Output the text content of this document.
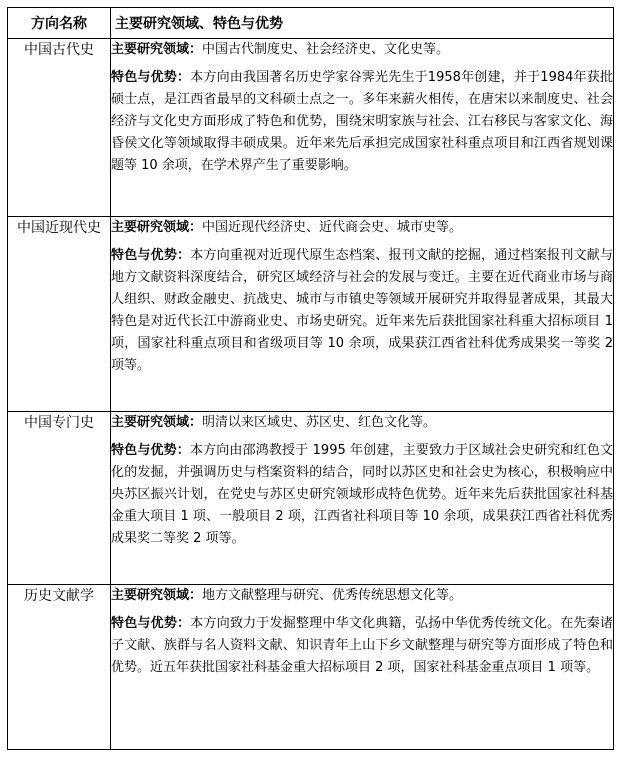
方向名称	主要研究领域、特色与优势
中国古代史	主要研究领域：中国古代制度史、社会经济史、文化史等。

特色与优势：本方向由我国著名历史学家谷霁光先生于1958年创建，并于1984年获批硕士点，是江西省最早的文科硕士点之一。多年来薪火相传，在唐宋以来制度史、社会经济与文化史方面形成了特色和优势，围绕宋明家族与社会、江右移民与客家文化、海昏侯文化等领域取得丰硕成果。近年来先后承担完成国家社科重点项目和江西省规划课题等 10 余项，在学术界产生了重要影响。

中国近现代史	主要研究领域：中国近现代经济史、近代商会史、城市史等。

特色与优势：本方向重视对近现代原生态档案、报刊文献的挖掘，通过档案报刊文献与地方文献资料深度结合，研究区域经济与社会的发展与变迁。主要在近代商业市场与商人组织、财政金融史、抗战史、城市与市镇史等领域开展研究并取得显著成果，其最大特色是对近代长江中游商业史、市场史研究。近年来先后获批国家社科重大招标项目 1 项，国家社科重点项目和省级项目等 10 余项，成果获江西省社科优秀成果奖一等奖 2 项等。

中国专门史	主要研究领域：明清以来区域史、苏区史、红色文化等。

特色与优势：本方向由邵鸿教授于 1995 年创建，主要致力于区域社会史研究和红色文化的发掘，并强调历史与档案资料的结合，同时以苏区史和社会史为核心，积极响应中央苏区振兴计划，在党史与苏区史研究领域形成特色优势。近年来先后获批国家社科基金重大项目 1 项、一般项目 2 项，江西省社科项目等 10 余项，成果获江西省社科优秀成果奖二等奖 2 项等。

历史文献学	主要研究领域：地方文献整理与研究、优秀传统思想文化等。

特色与优势：本方向致力于发掘整理中华文化典籍，弘扬中华优秀传统文化。在先秦诸子文献、族群与名人资料文献、知识青年上山下乡文献整理与研究等方面形成了特色和优势。近五年获批国家社科基金重大招标项目 2 项，国家社科基金重点项目 1 项等。
